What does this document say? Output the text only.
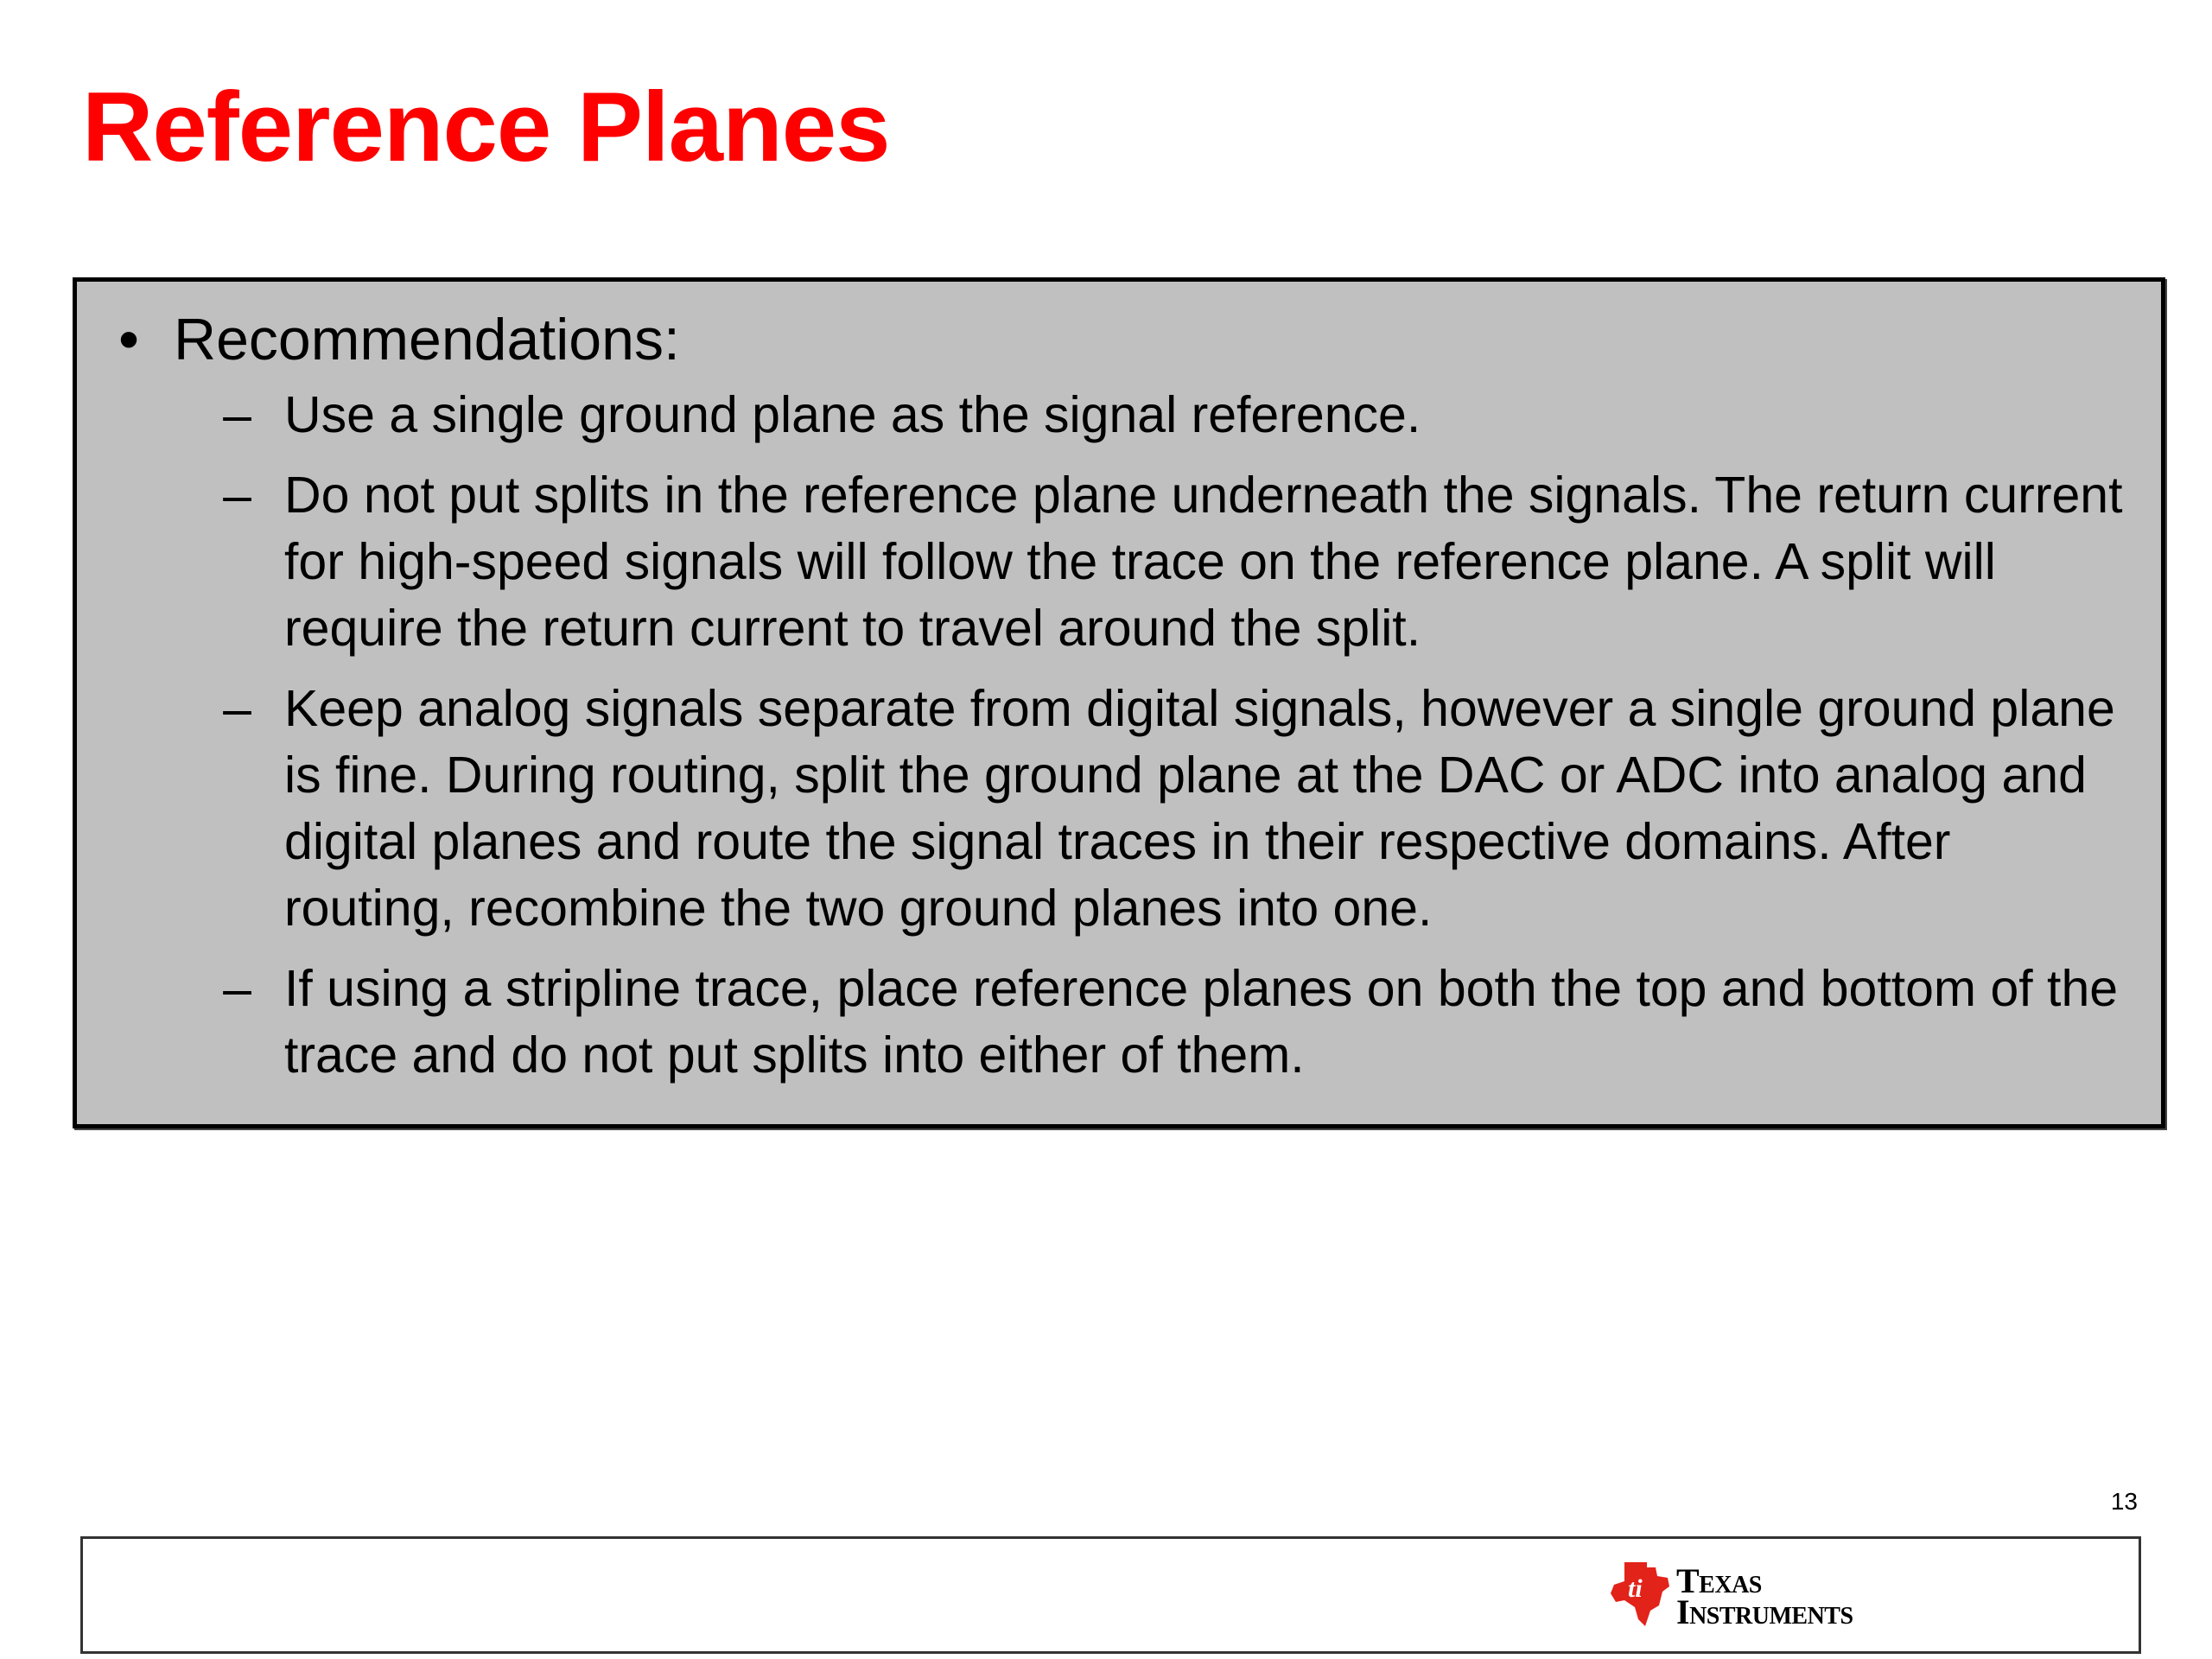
Reference Planes
• Recommendations:
– Use a single ground plane as the signal reference.
– Do not put splits in the reference plane underneath the signals. The return current for high-speed signals will follow the trace on the reference plane. A split will require the return current to travel around the split.
– Keep analog signals separate from digital signals, however a single ground plane is fine. During routing, split the ground plane at the DAC or ADC into analog and digital planes and route the signal traces in their respective domains. After routing, recombine the two ground planes into one.
– If using a stripline trace, place reference planes on both the top and bottom of the trace and do not put splits into either of them.
13
ti Texas
Instruments
